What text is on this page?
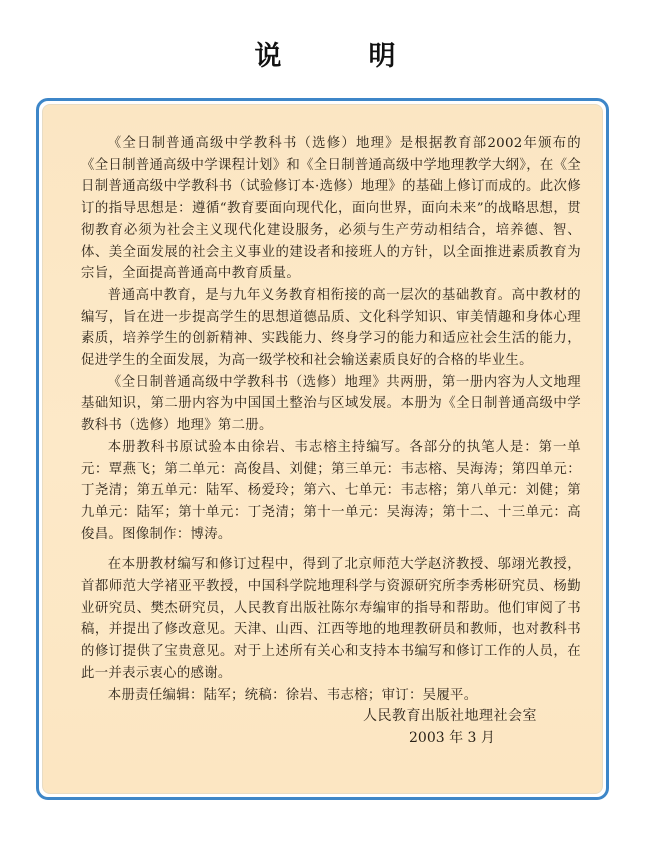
说　明

《全日制普通高级中学教科书（选修）地理》是根据教育部2002年颁布的《全日制普通高级中学课程计划》和《全日制普通高级中学地理教学大纲》，在《全日制普通高级中学教科书（试验修订本·选修）地理》的基础上修订而成的。此次修订的指导思想是：遵循“教育要面向现代化，面向世界，面向未来”的战略思想，贯彻教育必须为社会主义现代化建设服务，必须与生产劳动相结合，培养德、智、体、美全面发展的社会主义事业的建设者和接班人的方针，以全面推进素质教育为宗旨，全面提高普通高中教育质量。

普通高中教育，是与九年义务教育相衔接的高一层次的基础教育。高中教材的编写，旨在进一步提高学生的思想道德品质、文化科学知识、审美情趣和身体心理素质，培养学生的创新精神、实践能力、终身学习的能力和适应社会生活的能力，促进学生的全面发展，为高一级学校和社会输送素质良好的合格的毕业生。

《全日制普通高级中学教科书（选修）地理》共两册，第一册内容为人文地理基础知识，第二册内容为中国国土整治与区域发展。本册为《全日制普通高级中学教科书（选修）地理》第二册。

本册教科书原试验本由徐岩、韦志榕主持编写。各部分的执笔人是：第一单元：覃燕飞；第二单元：高俊昌、刘健；第三单元：韦志榕、吴海涛；第四单元：丁尧清；第五单元：陆军、杨爱玲；第六、七单元：韦志榕；第八单元：刘健；第九单元：陆军；第十单元：丁尧清；第十一单元：吴海涛；第十二、十三单元：高俊昌。图像制作：博涛。

在本册教材编写和修订过程中，得到了北京师范大学赵济教授、邬翊光教授，首都师范大学褚亚平教授，中国科学院地理科学与资源研究所李秀彬研究员、杨勤业研究员、樊杰研究员，人民教育出版社陈尔寿编审的指导和帮助。他们审阅了书稿，并提出了修改意见。天津、山西、江西等地的地理教研员和教师，也对教科书的修订提供了宝贵意见。对于上述所有关心和支持本书编写和修订工作的人员，在此一并表示衷心的感谢。

本册责任编辑：陆军；统稿：徐岩、韦志榕；审订：吴履平。

人民教育出版社地理社会室
2003 年 3 月
